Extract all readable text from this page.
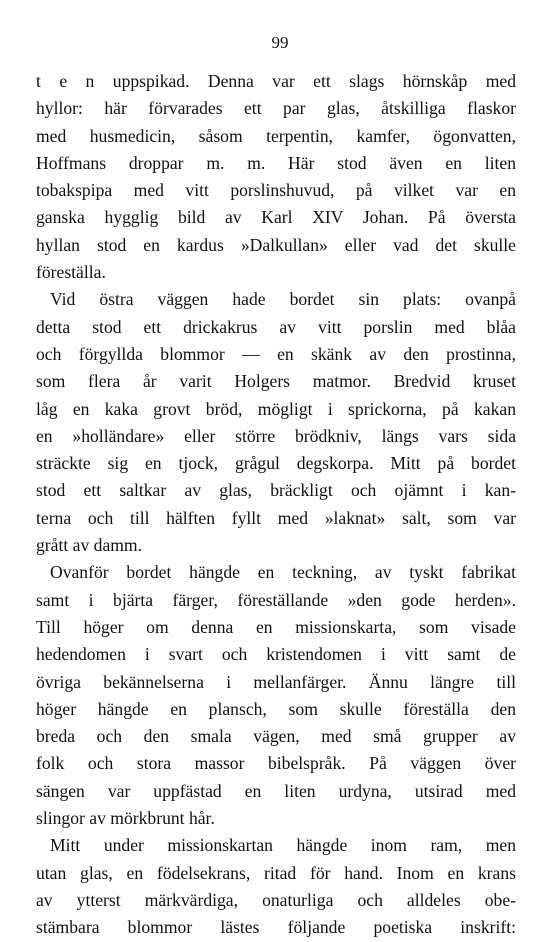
99
t e n uppspikad. Denna var ett slags hörnskåp med
hyllor: här förvarades ett par glas, åtskilliga flaskor
med husmedicin, såsom terpentin, kamfer, ögonvatten,
Hoffmans droppar m. m. Här stod även en liten
tobakspipa med vitt porslinshuvud, på vilket var en
ganska hygglig bild av Karl XIV Johan. På översta
hyllan stod en kardus »Dalkullan» eller vad det skulle
föreställa.
Vid östra väggen hade bordet sin plats: ovanpå
detta stod ett drickakrus av vitt porslin med blåa
och förgyllda blommor — en skänk av den prostinna,
som flera år varit Holgers matmor. Bredvid kruset
låg en kaka grovt bröd, mögligt i sprickorna, på kakan
en »holländare» eller större brödkniv, längs vars sida
sträckte sig en tjock, grågul degskorpa. Mitt på bordet
stod ett saltkar av glas, bräckligt och ojämnt i kan-
terna och till hälften fyllt med »laknat» salt, som var
grått av damm.
Ovanför bordet hängde en teckning, av tyskt fabrikat
samt i bjärta färger, föreställande »den gode herden».
Till höger om denna en missionskarta, som visade
hedendomen i svart och kristendomen i vitt samt de
övriga bekännelserna i mellanfärger. Ännu längre till
höger hängde en plansch, som skulle föreställa den
breda och den smala vägen, med små grupper av
folk och stora massor bibelspråk. På väggen över
sängen var uppfästad en liten urdyna, utsirad med
slingor av mörkbrunt hår.
Mitt under missionskartan hängde inom ram, men
utan glas, en födelsekrans, ritad för hand. Inom en krans
av ytterst märkvärdiga, onaturliga och alldeles obe-
stämbara blommor lästes följande poetiska inskrift:
